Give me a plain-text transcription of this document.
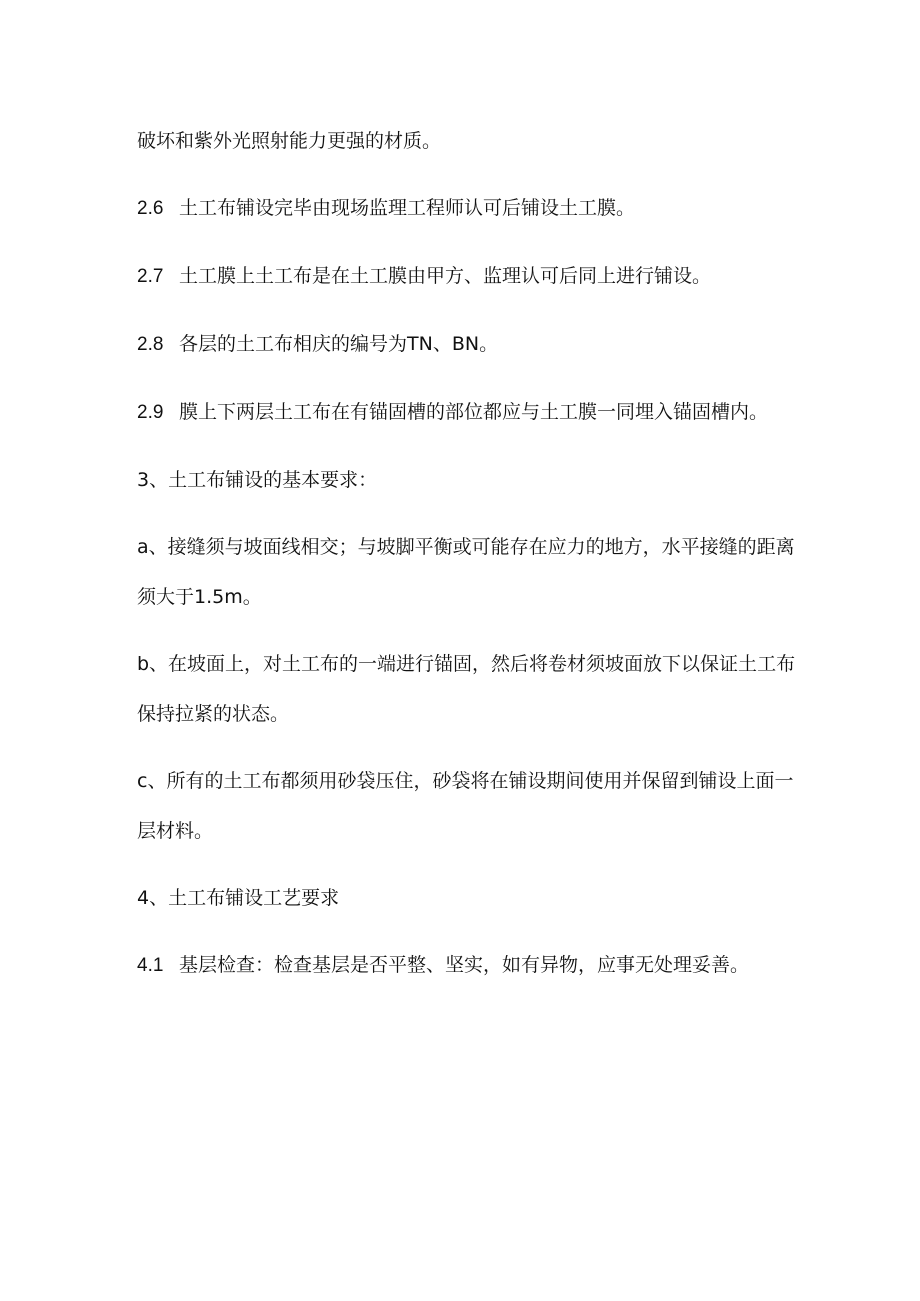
破坏和紫外光照射能力更强的材质。

2.6 土工布铺设完毕由现场监理工程师认可后铺设土工膜。

2.7 土工膜上土工布是在土工膜由甲方、监理认可后同上进行铺设。

2.8 各层的土工布相庆的编号为TN、BN。

2.9 膜上下两层土工布在有锚固槽的部位都应与土工膜一同埋入锚固槽内。

3、土工布铺设的基本要求：

a、接缝须与坡面线相交；与坡脚平衡或可能存在应力的地方，水平接缝的距离须大于1.5m。

b、在坡面上，对土工布的一端进行锚固，然后将卷材须坡面放下以保证土工布保持拉紧的状态。

c、所有的土工布都须用砂袋压住，砂袋将在铺设期间使用并保留到铺设上面一层材料。

4、土工布铺设工艺要求

4.1 基层检查：检查基层是否平整、坚实，如有异物，应事无处理妥善。
